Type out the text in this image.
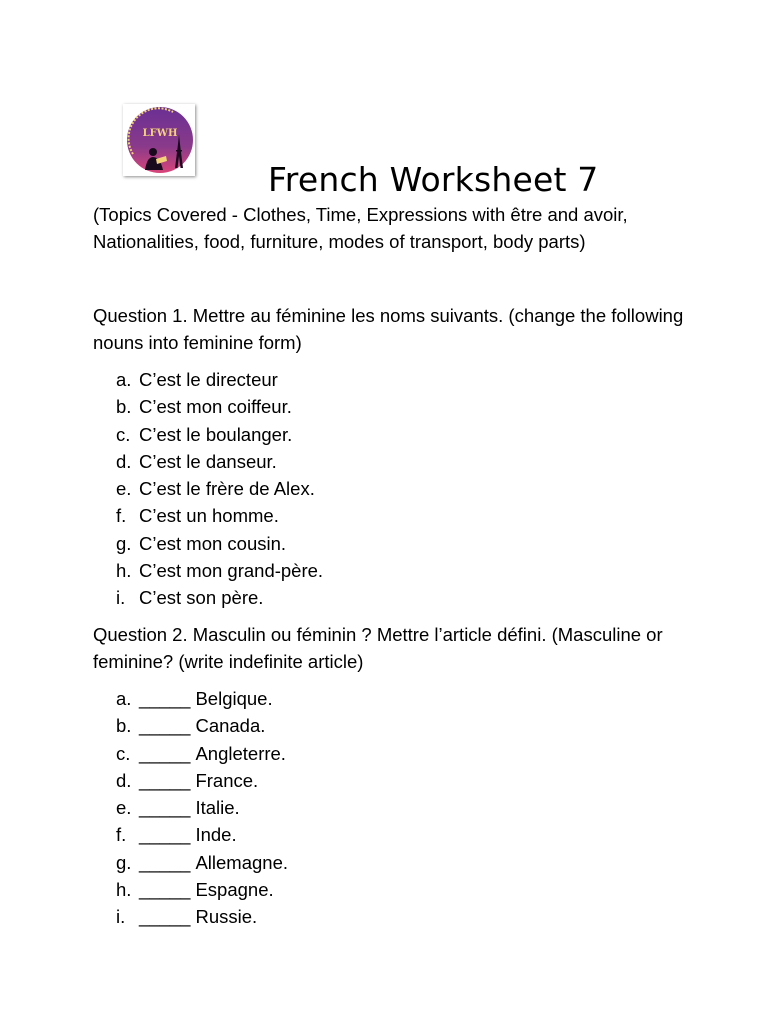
LFWH
French Worksheet 7
(Topics Covered - Clothes, Time, Expressions with être and avoir, Nationalities, food, furniture, modes of transport, body parts)
Question 1. Mettre au féminine les noms suivants. (change the following nouns into feminine form)
a. C’est le directeur
b. C’est mon coiffeur.
c. C’est le boulanger.
d. C’est le danseur.
e. C’est le frère de Alex.
f. C’est un homme.
g. C’est mon cousin.
h. C’est mon grand-père.
i. C’est son père.
Question 2. Masculin ou féminin ? Mettre l’article défini. (Masculine or feminine? (write indefinite article)
a. _____ Belgique.
b. _____ Canada.
c. _____ Angleterre.
d. _____ France.
e. _____ Italie.
f. _____ Inde.
g. _____ Allemagne.
h. _____ Espagne.
i. _____ Russie.
